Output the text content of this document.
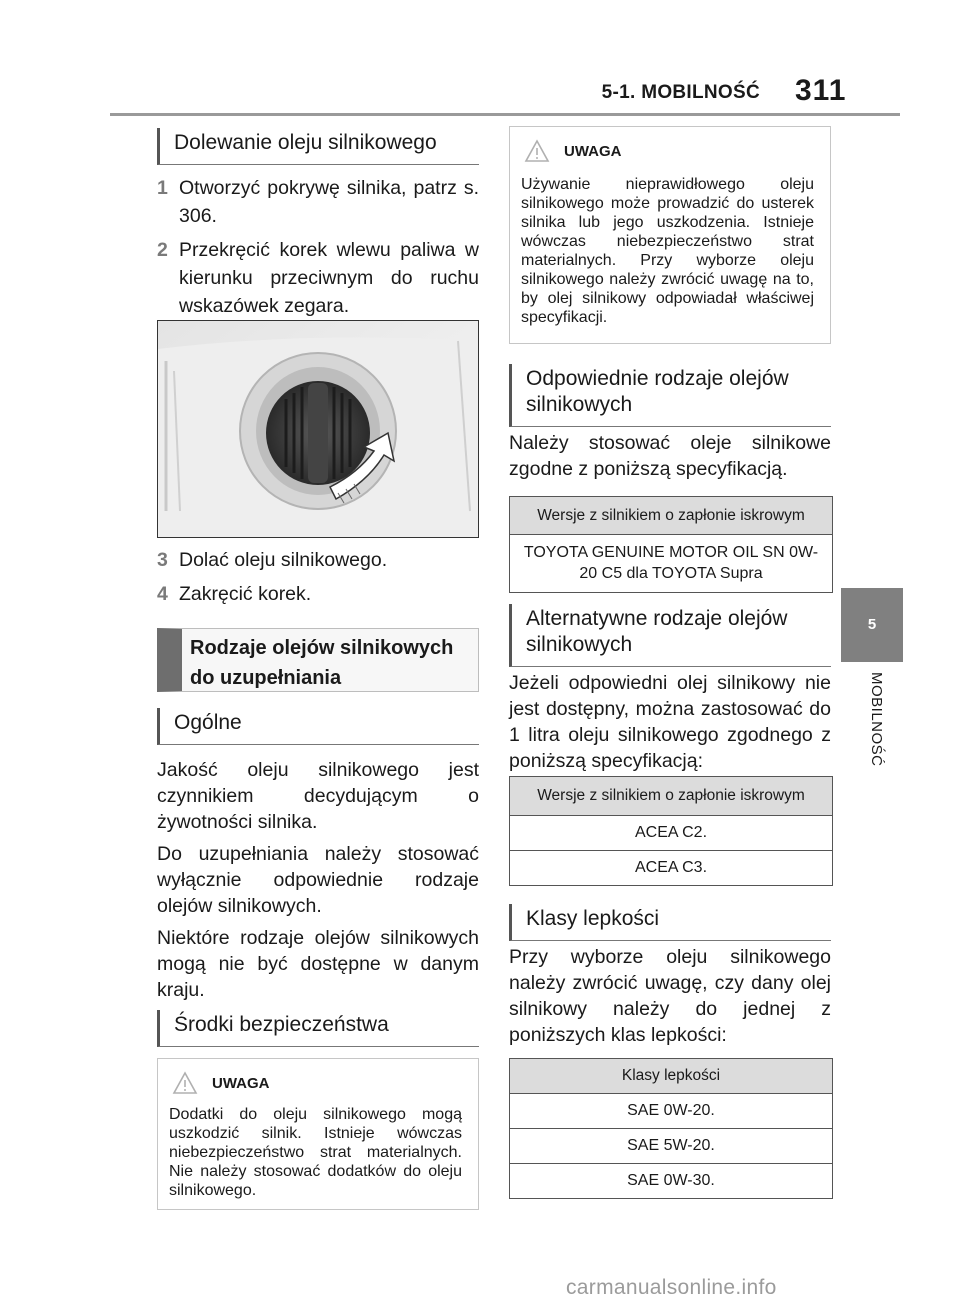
5-1. MOBILNOŚĆ 311
5
MOBILNOŚĆ
Dolewanie oleju silnikowego
1 Otworzyć pokrywę silnika, patrz s. 306.
2 Przekręcić korek wlewu paliwa w kierunku przeciwnym do ruchu wskazówek zegara.
3 Dolać oleju silnikowego.
4 Zakręcić korek.
Rodzaje olejów silnikowych do uzupełniania
Ogólne
Jakość oleju silnikowego jest czynnikiem decydującym o żywotności silnika.
Do uzupełniania należy stosować wyłącznie odpowiednie rodzaje olejów silnikowych.
Niektóre rodzaje olejów silnikowych mogą nie być dostępne w danym kraju.
Środki bezpieczeństwa
UWAGA
Dodatki do oleju silnikowego mogą uszkodzić silnik. Istnieje wówczas niebezpieczeństwo strat materialnych. Nie należy stosować dodatków do oleju silnikowego.
UWAGA
Używanie nieprawidłowego oleju silnikowego może prowadzić do usterek silnika lub jego uszkodzenia. Istnieje wówczas niebezpieczeństwo strat materialnych. Przy wyborze oleju silnikowego należy zwrócić uwagę na to, by olej silnikowy odpowiadał właściwej specyfikacji.
Odpowiednie rodzaje olejów silnikowych
Należy stosować oleje silnikowe zgodne z poniższą specyfikacją.
Wersje z silnikiem o zapłonie iskrowym
TOYOTA GENUINE MOTOR OIL SN 0W-20 C5 dla TOYOTA Supra
Alternatywne rodzaje olejów silnikowych
Jeżeli odpowiedni olej silnikowy nie jest dostępny, można zastosować do 1 litra oleju silnikowego zgodnego z poniższą specyfikacją:
Wersje z silnikiem o zapłonie iskrowym
ACEA C2.
ACEA C3.
Klasy lepkości
Przy wyborze oleju silnikowego należy zwrócić uwagę, czy dany olej silnikowy należy do jednej z poniższych klas lepkości:
Klasy lepkości
SAE 0W-20.
SAE 5W-20.
SAE 0W-30.
carmanualsonline.info
